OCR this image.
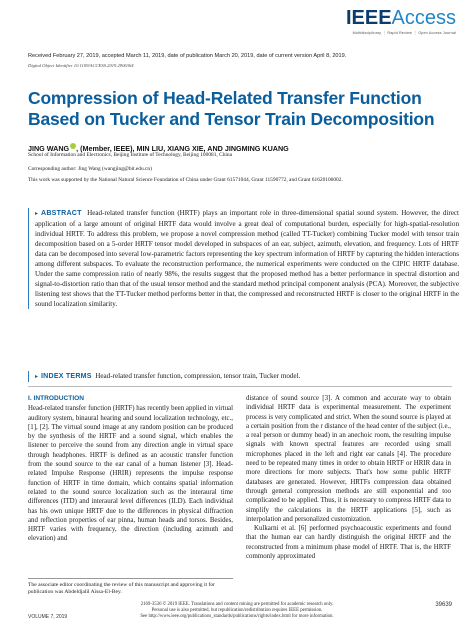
IEEEAccess
Multidisciplinary ⋮ Rapid Review ⋮ Open Access Journal
Received February 27, 2019, accepted March 11, 2019, date of publication March 20, 2019, date of current version April 8, 2019.
Digital Object Identifier 10.1109/ACCESS.2019.2906364
Compression of Head-Related Transfer Function Based on Tucker and Tensor Train Decomposition
JING WANG , (Member, IEEE), MIN LIU, XIANG XIE, AND JINGMING KUANG
School of Information and Electronics, Beijing Institute of Technology, Beijing 100081, China
Corresponding author: Jing Wang (wangjing@bit.edu.cn)
This work was supported by the National Natural Science Foundation of China under Grant 61571044, Grant 11590772, and Grant 61620106002.

▸ ABSTRACT Head-related transfer function (HRTF) plays an important role in three-dimensional spatial sound system. However, the direct application of a large amount of original HRTF data would involve a great deal of computational burden, especially for high-spatial-resolution individual HRTF. To address this problem, we propose a novel compression method (called TT-Tucker) combining Tucker model with tensor train decomposition based on a 5-order HRTF tensor model developed in subspaces of an ear, subject, azimuth, elevation, and frequency. Lots of HRTF data can be decomposed into several low-parametric factors representing the key spectrum information of HRTF by capturing the hidden interactions among different subspaces. To evaluate the reconstruction performance, the numerical experiments were conducted on the CIPIC HRTF database. Under the same compression ratio of nearly 98%, the results suggest that the proposed method has a better performance in spectral distortion and signal-to-distortion ratio than that of the usual tensor method and the standard method principal component analysis (PCA). Moreover, the subjective listening test shows that the TT-Tucker method performs better in that, the compressed and reconstructed HRTF is closer to the original HRTF in the sound localization similarity.

▸ INDEX TERMS Head-related transfer function, compression, tensor train, Tucker model.

I. INTRODUCTION

Head-related transfer function (HRTF) has recently been applied in virtual auditory system, binaural hearing and sound localization technology, etc., [1], [2]. The virtual sound image at any random position can be produced by the synthesis of the HRTF and a sound signal, which enables the listener to perceive the sound from any direction angle in virtual space through headphones. HRTF is defined as an acoustic transfer function from the sound source to the ear canal of a human listener [3]. Head-related Impulse Response (HRIR) represents the impulse response function of HRTF in time domain, which contains spatial information related to the sound source localization such as the interaural time differences (ITD) and interaural level differences (ILD). Each individual has his own unique HRTF due to the differences in physical diffraction and reflection properties of ear pinna, human heads and torsos. Besides, HRTF varies with frequency, the direction (including azimuth and elevation) and

distance of sound source [3]. A common and accurate way to obtain individual HRTF data is experimental measurement. The experiment process is very complicated and strict. When the sound source is played at a certain position from the r distance of the head center of the subject (i.e., a real person or dummy head) in an anechoic room, the resulting impulse signals with known spectral features are recorded using small microphones placed in the left and right ear canals [4]. The procedure need to be repeated many times in order to obtain HRTF or HRIR data in more directions for more subjects. That's how some public HRTF databases are generated. However, HRTFs compression data obtained through general compression methods are still exponential and too complicated to be applied. Thus, it is necessary to compress HRTF data to simplify the calculations in the HRTF applications [5], such as interpolation and personalized customization.

Kulkarni et al. [6] performed psychoacoustic experiments and found that the human ear can hardly distinguish the original HRTF and the reconstructed from a minimum phase model of HRTF. That is, the HRTF commonly approximated

The associate editor coordinating the review of this manuscript and approving it for publication was Abdeldjalil Aïssa-El-Bey.
2169-3536 © 2019 IEEE. Translations and content mining are permitted for academic research only.
Personal use is also permitted, but republication/redistribution requires IEEE permission.
See http://www.ieee.org/publications_standards/publications/rights/index.html for more information.
VOLUME 7, 2019
39639
